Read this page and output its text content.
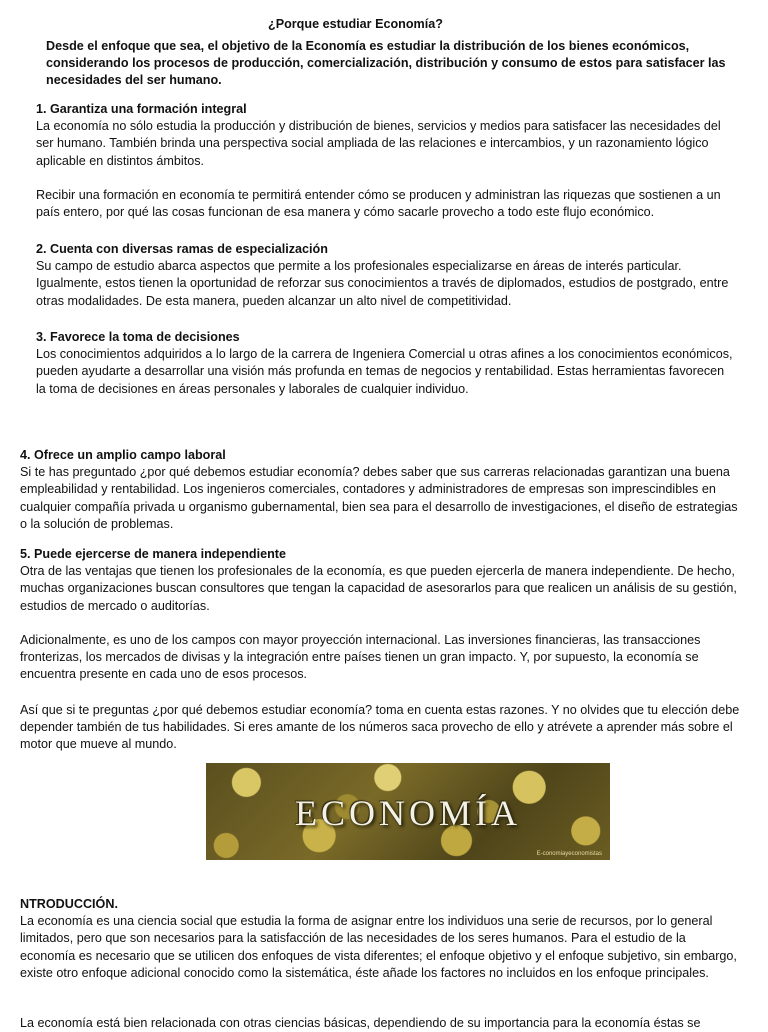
¿Porque estudiar Economía?

Desde el enfoque que sea, el objetivo de la Economía es estudiar la distribución de los bienes económicos, considerando los procesos de producción, comercialización, distribución y consumo de estos para satisfacer las necesidades del ser humano.

1. Garantiza una formación integral

La economía no sólo estudia la producción y distribución de bienes, servicios y medios para satisfacer las necesidades del ser humano. También brinda una perspectiva social ampliada de las relaciones e intercambios, y un razonamiento lógico aplicable en distintos ámbitos.

Recibir una formación en economía te permitirá entender cómo se producen y administran las riquezas que sostienen a un país entero, por qué las cosas funcionan de esa manera y cómo sacarle provecho a todo este flujo económico.

2. Cuenta con diversas ramas de especialización

Su campo de estudio abarca aspectos que permite a los profesionales especializarse en áreas de interés particular. Igualmente, estos tienen la oportunidad de reforzar sus conocimientos a través de diplomados, estudios de postgrado, entre otras modalidades. De esta manera, pueden alcanzar un alto nivel de competitividad.

3. Favorece la toma de decisiones

Los conocimientos adquiridos a lo largo de la carrera de Ingeniera Comercial u otras afines a los conocimientos económicos, pueden ayudarte a desarrollar una visión más profunda en temas de negocios y rentabilidad. Estas herramientas favorecen la toma de decisiones en áreas personales y laborales de cualquier individuo.

4. Ofrece un amplio campo laboral

Si te has preguntado ¿por qué debemos estudiar economía? debes saber que sus carreras relacionadas garantizan una buena empleabilidad y rentabilidad. Los ingenieros comerciales, contadores y administradores de empresas son imprescindibles en cualquier compañía privada u organismo gubernamental, bien sea para el desarrollo de investigaciones, el diseño de estrategias o la solución de problemas.

5. Puede ejercerse de manera independiente

Otra de las ventajas que tienen los profesionales de la economía, es que pueden ejercerla de manera independiente. De hecho, muchas organizaciones buscan consultores que tengan la capacidad de asesorarlos para que realicen un análisis de su gestión, estudios de mercado o auditorías.

Adicionalmente, es uno de los campos con mayor proyección internacional. Las inversiones financieras, las transacciones fronterizas, los mercados de divisas y la integración entre países tienen un gran impacto. Y, por supuesto, la economía se encuentra presente en cada uno de esos procesos.

Así que si te preguntas ¿por qué debemos estudiar economía? toma en cuenta estas razones. Y no olvides que tu elección debe depender también de tus habilidades. Si eres amante de los números saca provecho de ello y atrévete a aprender más sobre el motor que mueve al mundo.

ECONOMÍA
E-conomiayeconomistas

NTRODUCCIÓN.

La economía es una ciencia social que estudia la forma de asignar entre los individuos una serie de recursos, por lo general limitados, pero que son necesarios para la satisfacción de las necesidades de los seres humanos. Para el estudio de la economía es necesario que se utilicen dos enfoques de vista diferentes; el enfoque objetivo y el enfoque subjetivo, sin embargo, existe otro enfoque adicional conocido como la sistemática, éste añade los factores no incluidos en los enfoque principales.

La economía está bien relacionada con otras ciencias básicas, dependiendo de su importancia para la economía éstas se
